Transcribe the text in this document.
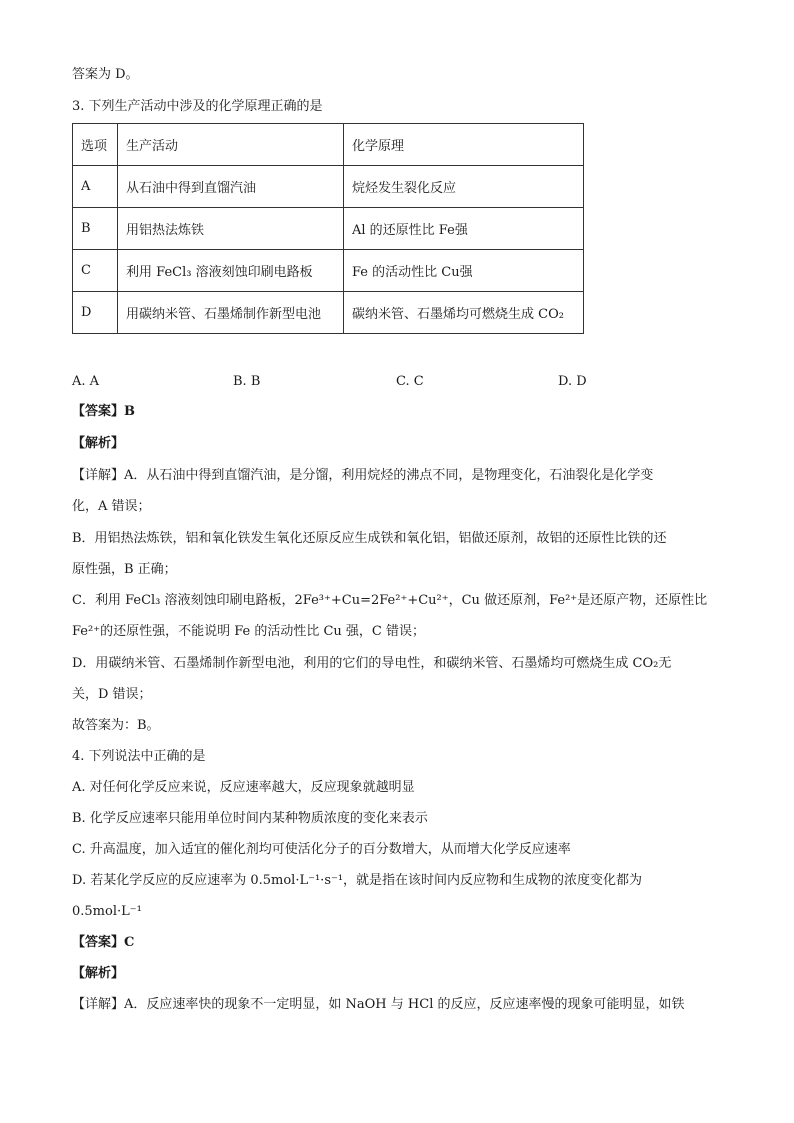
答案为 D。
3. 下列生产活动中涉及的化学原理正确的是
选项	生产活动	化学原理
A	从石油中得到直馏汽油	烷烃发生裂化反应
B	用铝热法炼铁	Al 的还原性比 Fe强
C	利用 FeCl₃ 溶液刻蚀印刷电路板	Fe 的活动性比 Cu强
D	用碳纳米管、石墨烯制作新型电池	碳纳米管、石墨烯均可燃烧生成 CO₂
A. A	B. B	C. C	D. D
【答案】B
【解析】
【详解】A．从石油中得到直馏汽油，是分馏，利用烷烃的沸点不同，是物理变化，石油裂化是化学变
化，A 错误；
B．用铝热法炼铁，铝和氧化铁发生氧化还原反应生成铁和氧化铝，铝做还原剂，故铝的还原性比铁的还
原性强，B 正确；
C．利用 FeCl₃ 溶液刻蚀印刷电路板，2Fe³⁺+Cu=2Fe²⁺+Cu²⁺，Cu 做还原剂，Fe²⁺是还原产物，还原性比
Fe²⁺的还原性强，不能说明 Fe 的活动性比 Cu 强，C 错误；
D．用碳纳米管、石墨烯制作新型电池，利用的它们的导电性，和碳纳米管、石墨烯均可燃烧生成 CO₂无
关，D 错误；
故答案为：B。
4. 下列说法中正确的是
A. 对任何化学反应来说，反应速率越大，反应现象就越明显
B. 化学反应速率只能用单位时间内某种物质浓度的变化来表示
C. 升高温度，加入适宜的催化剂均可使活化分子的百分数增大，从而增大化学反应速率
D. 若某化学反应的反应速率为 0.5mol·L⁻¹·s⁻¹，就是指在该时间内反应物和生成物的浓度变化都为
0.5mol·L⁻¹
【答案】C
【解析】
【详解】A．反应速率快的现象不一定明显，如 NaOH 与 HCl 的反应，反应速率慢的现象可能明显，如铁
